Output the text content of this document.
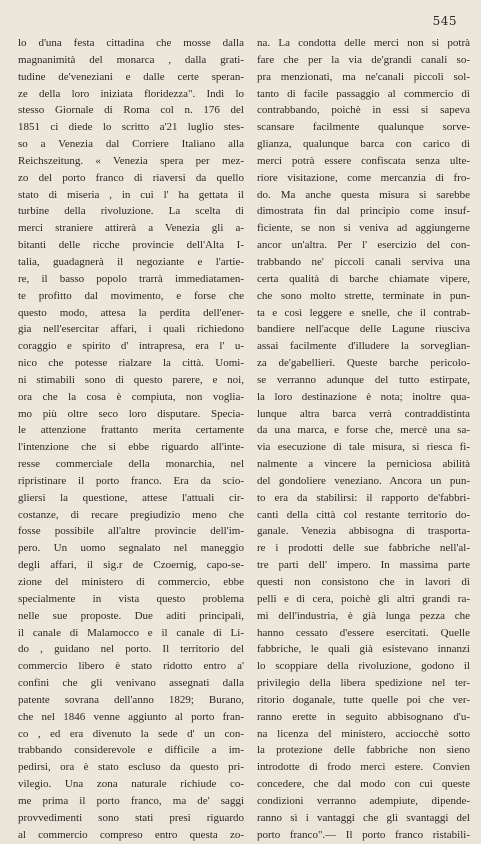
545
lo d'una festa cittadina che mosse dalla
magnanimità del monarca , dalla grati-
tudine de'veneziani e dalle certe speran-
ze della loro iniziata floridezza". Indi lo
stesso Giornale di Roma col n. 176 del
1851 ci diede lo scritto a'21 luglio stes-
so a Venezia dal Corriere Italiano alla
Reichszeitung. « Venezia spera per mez-
zo del porto franco di riaversi da quello
stato di miseria , in cui l' ha gettata il
turbine della rivoluzione. La scelta di
merci straniere attirerà a Venezia gli a-
bitanti delle ricche provincie dell'Alta I-
talia, guadagnerà il negoziante e l'artie-
re, il basso popolo trarrà immediatamen-
te profitto dal movimento, e forse che
questo modo, attesa la perdita dell'ener-
gia nell'esercitar affari, i quali richiedono
coraggio e spirito d' intrapresa, era l' u-
nico che potesse rialzare la città. Uomi-
ni stimabili sono di questo parere, e noi,
ora che la cosa è compiuta, non voglia-
mo più oltre seco loro disputare. Specia-
le attenzione frattanto merita certamente
l'intenzione che si ebbe riguardo all'inte-
resse commerciale della monarchia, nel
ripristinare il porto franco. Era da scio-
gliersi la questione, attese l'attuali cir-
costanze, di recare pregiudizio meno che
fosse possibile all'altre provincie dell'im-
pero. Un uomo segnalato nel maneggio
degli affari, il sig.r de Czoernig, capo-se-
zione del ministero di commercio, ebbe
specialmente in vista questo problema
nelle sue proposte. Due aditi principali,
il canale di Malamocco e il canale di Li-
do , guidano nel porto. Il territorio del
commercio libero è stato ridotto entro a'
confini che gli venivano assegnati dalla
patente sovrana dell'anno 1829; Burano,
che nel 1846 venne aggiunto al porto fran-
co , ed era divenuto la sede d' un con-
trabbando considerevole e difficile a im-
pedirsi, ora è stato escluso da questo pri-
vilegio. Una zona naturale richiude co-
me prima il porto franco, ma de' saggi
provvedimenti sono stati presi riguardo
al commercio compreso entro questa zo-
na. La condotta delle merci non si potrà
fare che per la via de'grandi canali so-
pra menzionati, ma ne'canali piccoli sol-
tanto di facile passaggio al commercio di
contrabbando, poichè in essi si sapeva
scansare facilmente qualunque sorve-
glianza, qualunque barca con carico di
merci potrà essere confiscata senza ulte-
riore visitazione, come mercanzia di fro-
do. Ma anche questa misura si sarebbe
dimostrata fin dal principio come insuf-
ficiente, se non si veniva ad aggiungerne
ancor un'altra. Per l' esercizio del con-
trabbando ne' piccoli canali serviva una
certa qualità di barche chiamate vipere,
che sono molto strette, terminate in pun-
ta e così leggere e snelle, che il contrab-
bandiere nell'acque delle Lagune riusciva
assai facilmente d'illudere la sorveglian-
za de'gabellieri. Queste barche pericolo-
se verranno adunque del tutto estirpate,
la loro destinazione è nota; inoltre qua-
lunque altra barca verrà contraddistinta
da una marca, e forse che, mercè una sa-
via esecuzione di tale misura, si riesca fi-
nalmente a vincere la perniciosa abilità
del gondoliere veneziano. Ancora un pun-
to era da stabilirsi: il rapporto de'fabbri-
canti della città col restante territorio do-
ganale. Venezia abbisogna di trasporta-
re i prodotti delle sue fabbriche nell'al-
tre parti dell' impero. In massima parte
questi non consistono che in lavori di
pelli e di cera, poichè gli altri grandi ra-
mi dell'industria, è già lunga pezza che
hanno cessato d'essere esercitati. Quelle
fabbriche, le quali già esistevano innanzi
lo scoppiare della rivoluzione, godono il
privilegio della libera spedizione nel ter-
ritorio doganale, tutte quelle poi che ver-
ranno erette in seguito abbisognano d'u-
na licenza del ministero, acciocchè sotto
la protezione delle fabbriche non sieno
introdotte di frodo merci estere. Convien
concedere, che dal modo con cui queste
condizioni verranno adempiute, dipende-
ranno sì i vantaggi che gli svantaggi del
porto franco".— Il porto franco ristabili-
